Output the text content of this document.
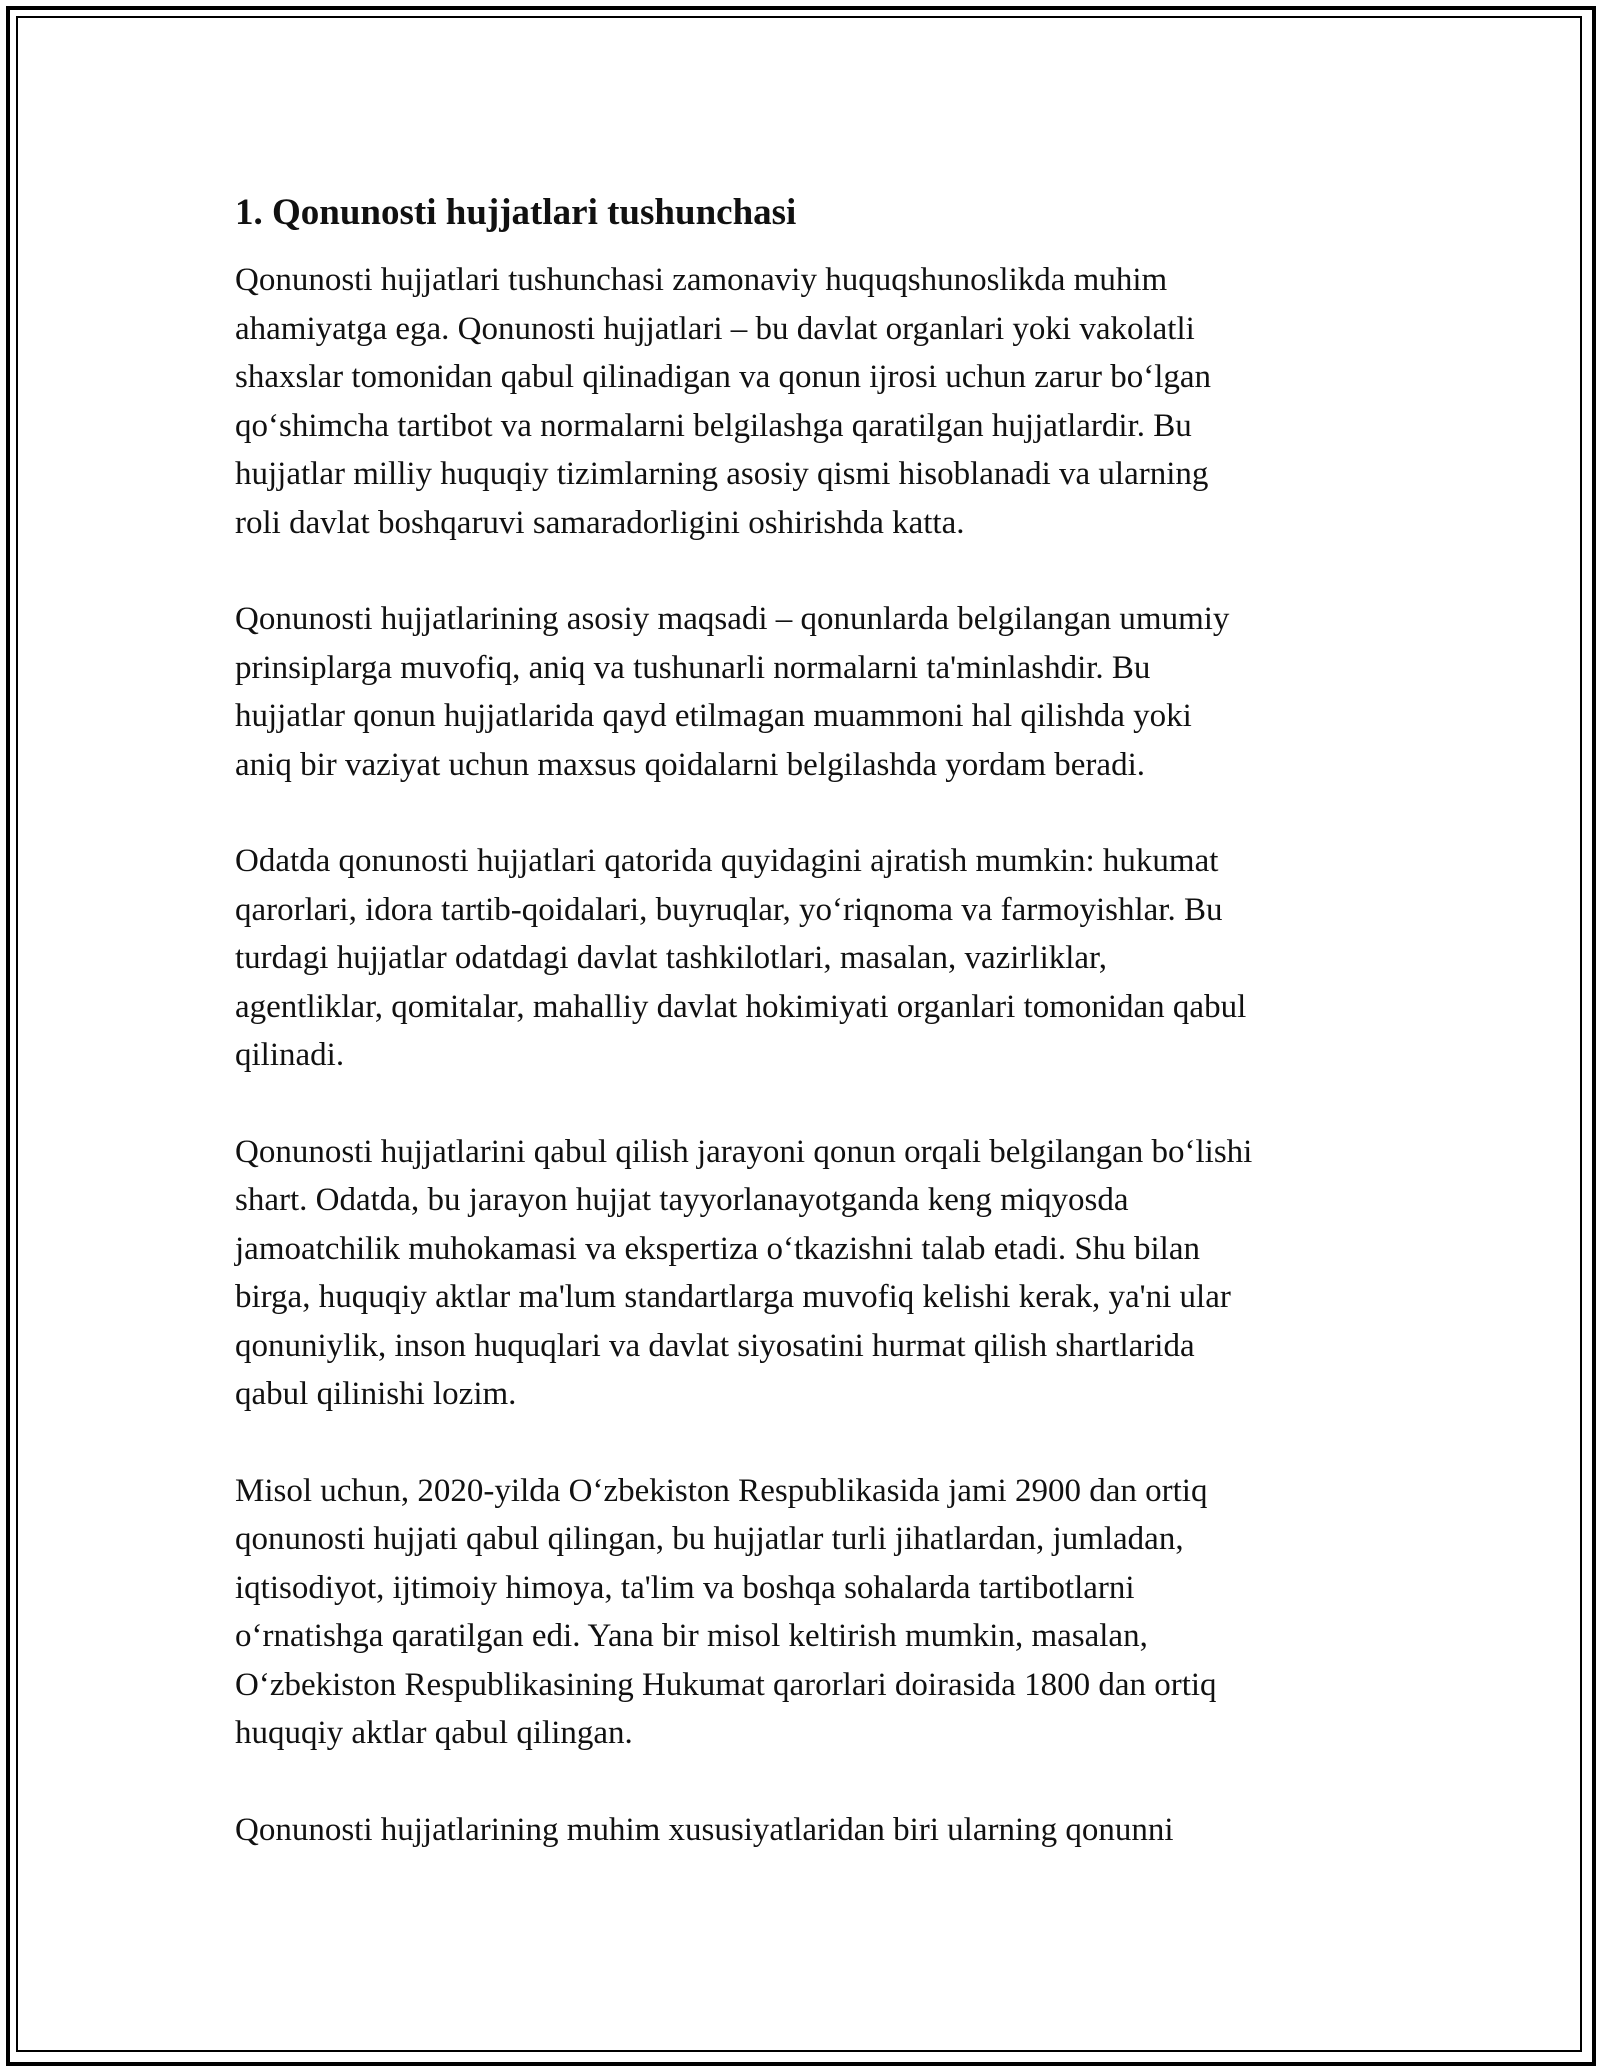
1. Qonunosti hujjatlari tushunchasi

Qonunosti hujjatlari tushunchasi zamonaviy huquqshunoslikda muhim
ahamiyatga ega. Qonunosti hujjatlari – bu davlat organlari yoki vakolatli
shaxslar tomonidan qabul qilinadigan va qonun ijrosi uchun zarur bo‘lgan
qo‘shimcha tartibot va normalarni belgilashga qaratilgan hujjatlardir. Bu
hujjatlar milliy huquqiy tizimlarning asosiy qismi hisoblanadi va ularning
roli davlat boshqaruvi samaradorligini oshirishda katta.

Qonunosti hujjatlarining asosiy maqsadi – qonunlarda belgilangan umumiy
prinsiplarga muvofiq, aniq va tushunarli normalarni ta'minlashdir. Bu
hujjatlar qonun hujjatlarida qayd etilmagan muammoni hal qilishda yoki
aniq bir vaziyat uchun maxsus qoidalarni belgilashda yordam beradi.

Odatda qonunosti hujjatlari qatorida quyidagini ajratish mumkin: hukumat
qarorlari, idora tartib-qoidalari, buyruqlar, yo‘riqnoma va farmoyishlar. Bu
turdagi hujjatlar odatdagi davlat tashkilotlari, masalan, vazirliklar,
agentliklar, qomitalar, mahalliy davlat hokimiyati organlari tomonidan qabul
qilinadi.

Qonunosti hujjatlarini qabul qilish jarayoni qonun orqali belgilangan bo‘lishi
shart. Odatda, bu jarayon hujjat tayyorlanayotganda keng miqyosda
jamoatchilik muhokamasi va ekspertiza o‘tkazishni talab etadi. Shu bilan
birga, huquqiy aktlar ma'lum standartlarga muvofiq kelishi kerak, ya'ni ular
qonuniylik, inson huquqlari va davlat siyosatini hurmat qilish shartlarida
qabul qilinishi lozim.

Misol uchun, 2020-yilda O‘zbekiston Respublikasida jami 2900 dan ortiq
qonunosti hujjati qabul qilingan, bu hujjatlar turli jihatlardan, jumladan,
iqtisodiyot, ijtimoiy himoya, ta'lim va boshqa sohalarda tartibotlarni
o‘rnatishga qaratilgan edi. Yana bir misol keltirish mumkin, masalan,
O‘zbekiston Respublikasining Hukumat qarorlari doirasida 1800 dan ortiq
huquqiy aktlar qabul qilingan.

Qonunosti hujjatlarining muhim xususiyatlaridan biri ularning qonunni
